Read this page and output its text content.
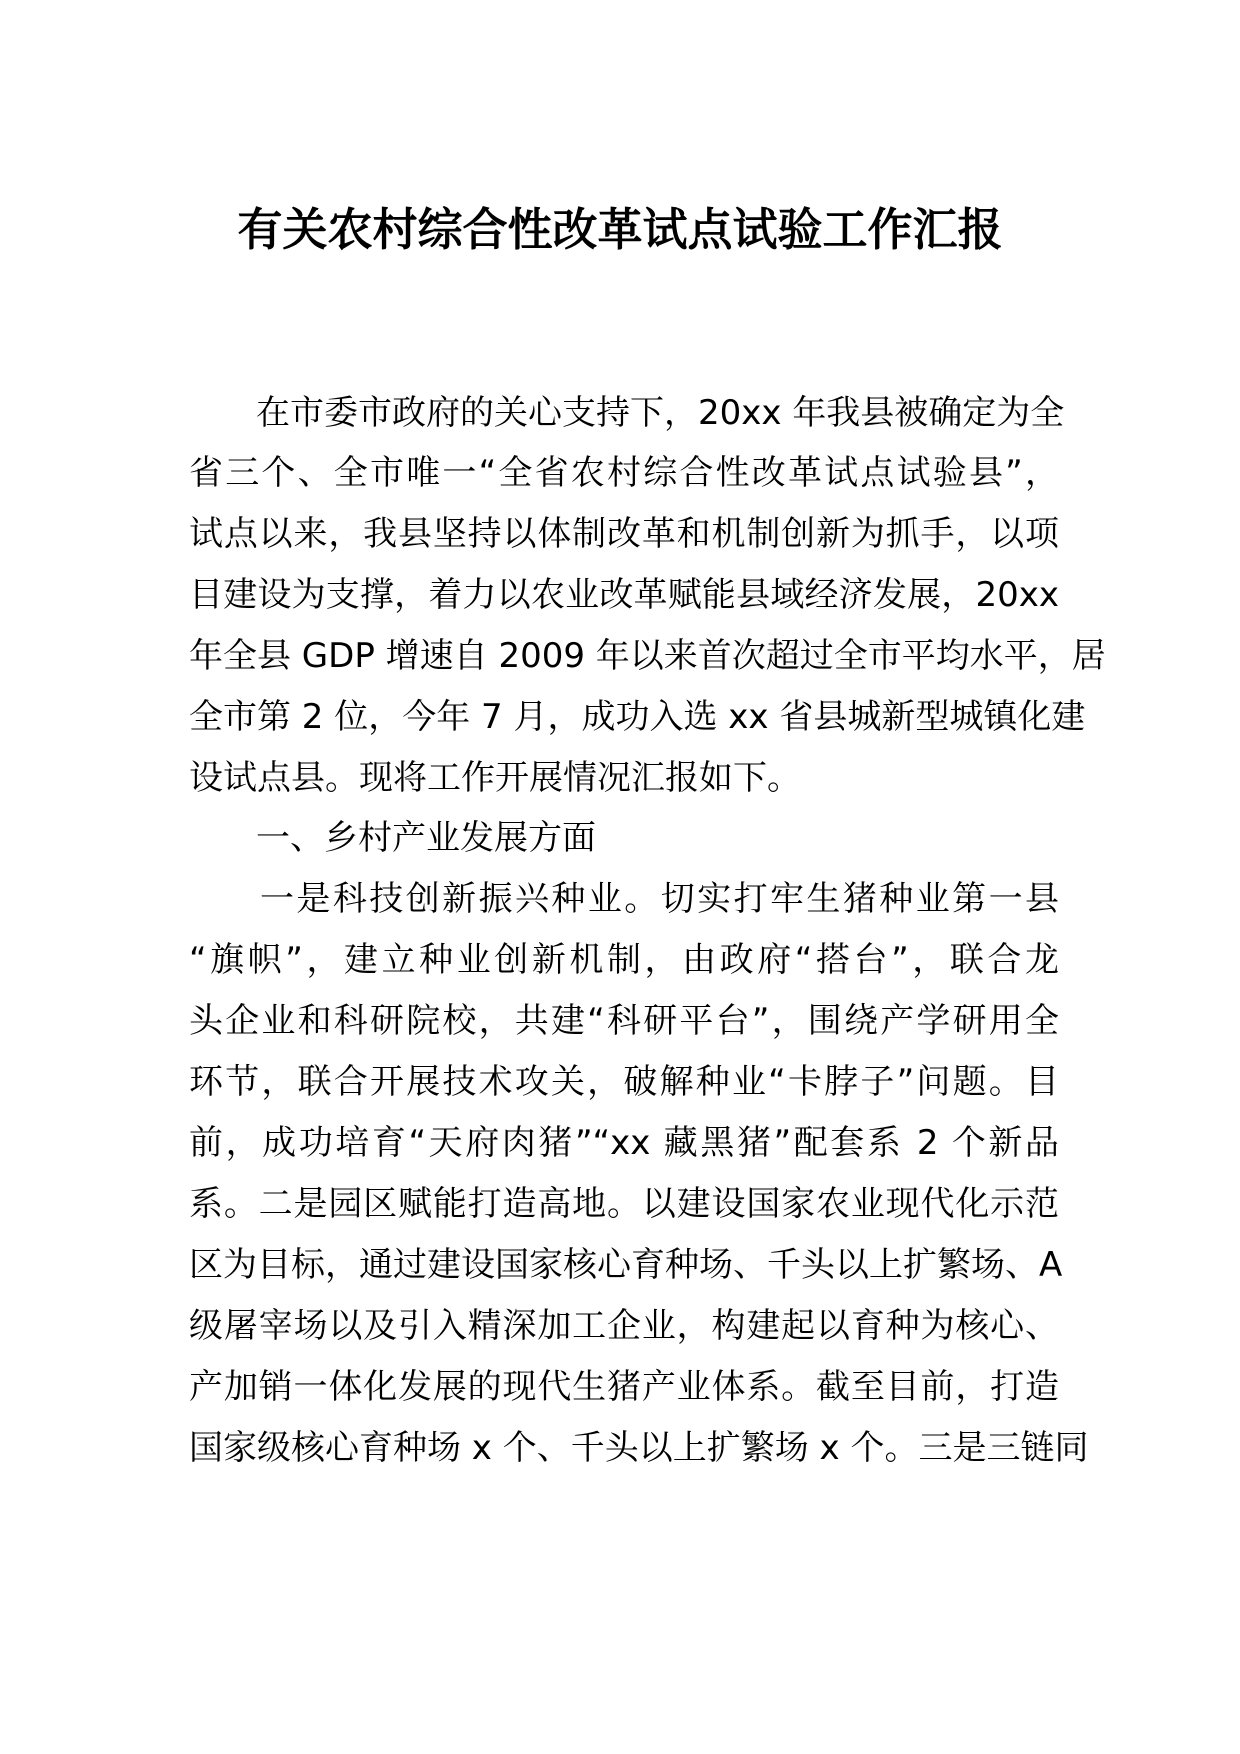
有关农村综合性改革试点试验工作汇报

在市委市政府的关心支持下，20xx 年我县被确定为全

省三个、全市唯一“全省农村综合性改革试点试验县”，

试点以来，我县坚持以体制改革和机制创新为抓手，以项

目建设为支撑，着力以农业改革赋能县域经济发展，20xx

年全县 GDP 增速自 2009 年以来首次超过全市平均水平，居

全市第 2 位，今年 7 月，成功入选 xx 省县城新型城镇化建

设试点县。现将工作开展情况汇报如下。

一、乡村产业发展方面

一是科技创新振兴种业。切实打牢生猪种业第一县

“旗帜”，建立种业创新机制，由政府“搭台”，联合龙

头企业和科研院校，共建“科研平台”，围绕产学研用全

环节，联合开展技术攻关，破解种业“卡脖子”问题。目

前，成功培育“天府肉猪”“xx 藏黑猪”配套系 2 个新品

系。二是园区赋能打造高地。以建设国家农业现代化示范

区为目标，通过建设国家核心育种场、千头以上扩繁场、A

级屠宰场以及引入精深加工企业，构建起以育种为核心、

产加销一体化发展的现代生猪产业体系。截至目前，打造

国家级核心育种场 x 个、千头以上扩繁场 x 个。三是三链同
